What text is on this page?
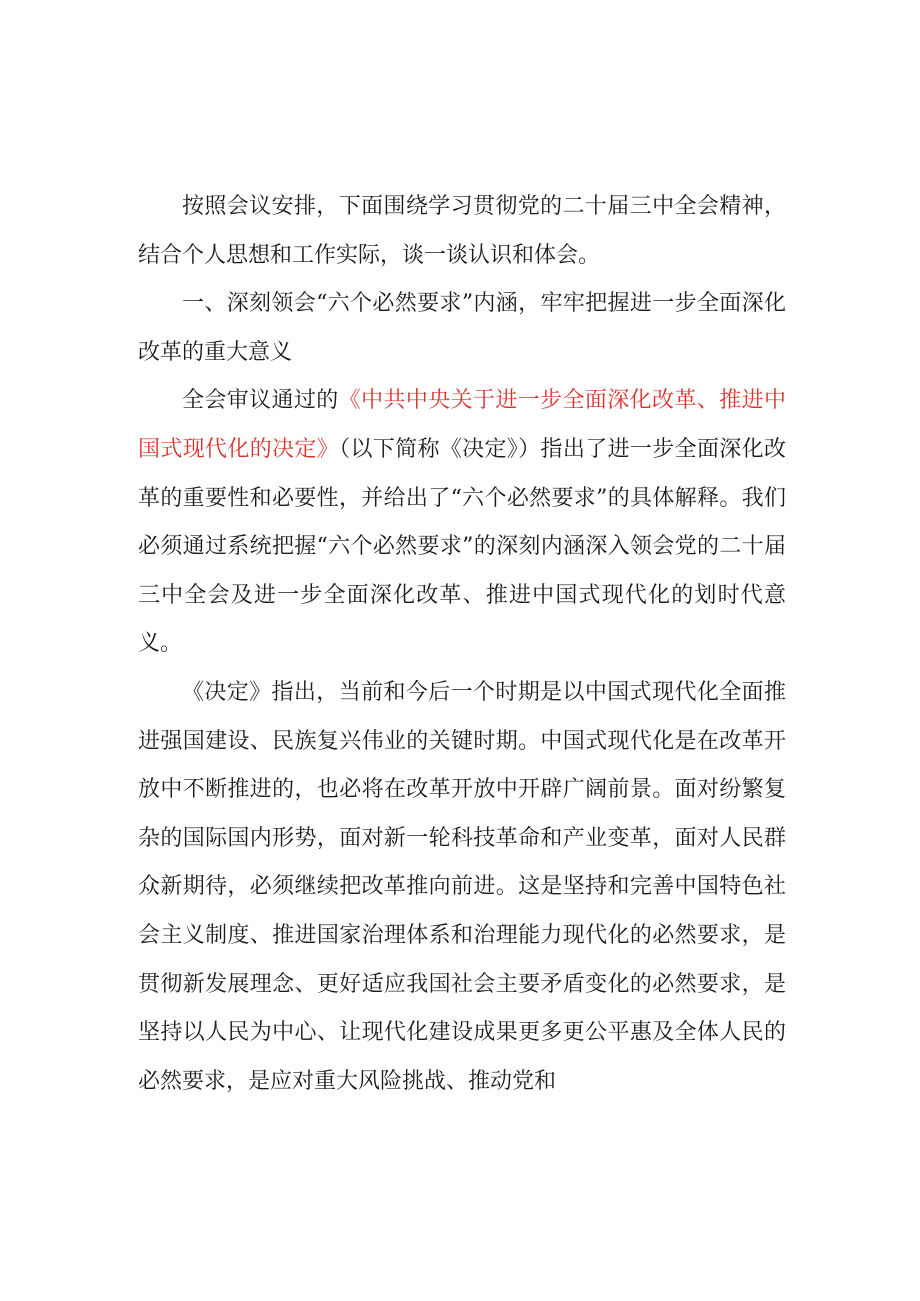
按照会议安排，下面围绕学习贯彻党的二十届三中全会精神，结合个人思想和工作实际，谈一谈认识和体会。

一、深刻领会“六个必然要求”内涵，牢牢把握进一步全面深化改革的重大意义

全会审议通过的《中共中央关于进一步全面深化改革、推进中国式现代化的决定》（以下简称《决定》）指出了进一步全面深化改革的重要性和必要性，并给出了“六个必然要求”的具体解释。我们必须通过系统把握“六个必然要求”的深刻内涵深入领会党的二十届三中全会及进一步全面深化改革、推进中国式现代化的划时代意义。

《决定》指出，当前和今后一个时期是以中国式现代化全面推进强国建设、民族复兴伟业的关键时期。中国式现代化是在改革开放中不断推进的，也必将在改革开放中开辟广阔前景。面对纷繁复杂的国际国内形势，面对新一轮科技革命和产业变革，面对人民群众新期待，必须继续把改革推向前进。这是坚持和完善中国特色社会主义制度、推进国家治理体系和治理能力现代化的必然要求，是贯彻新发展理念、更好适应我国社会主要矛盾变化的必然要求，是坚持以人民为中心、让现代化建设成果更多更公平惠及全体人民的必然要求，是应对重大风险挑战、推动党和
